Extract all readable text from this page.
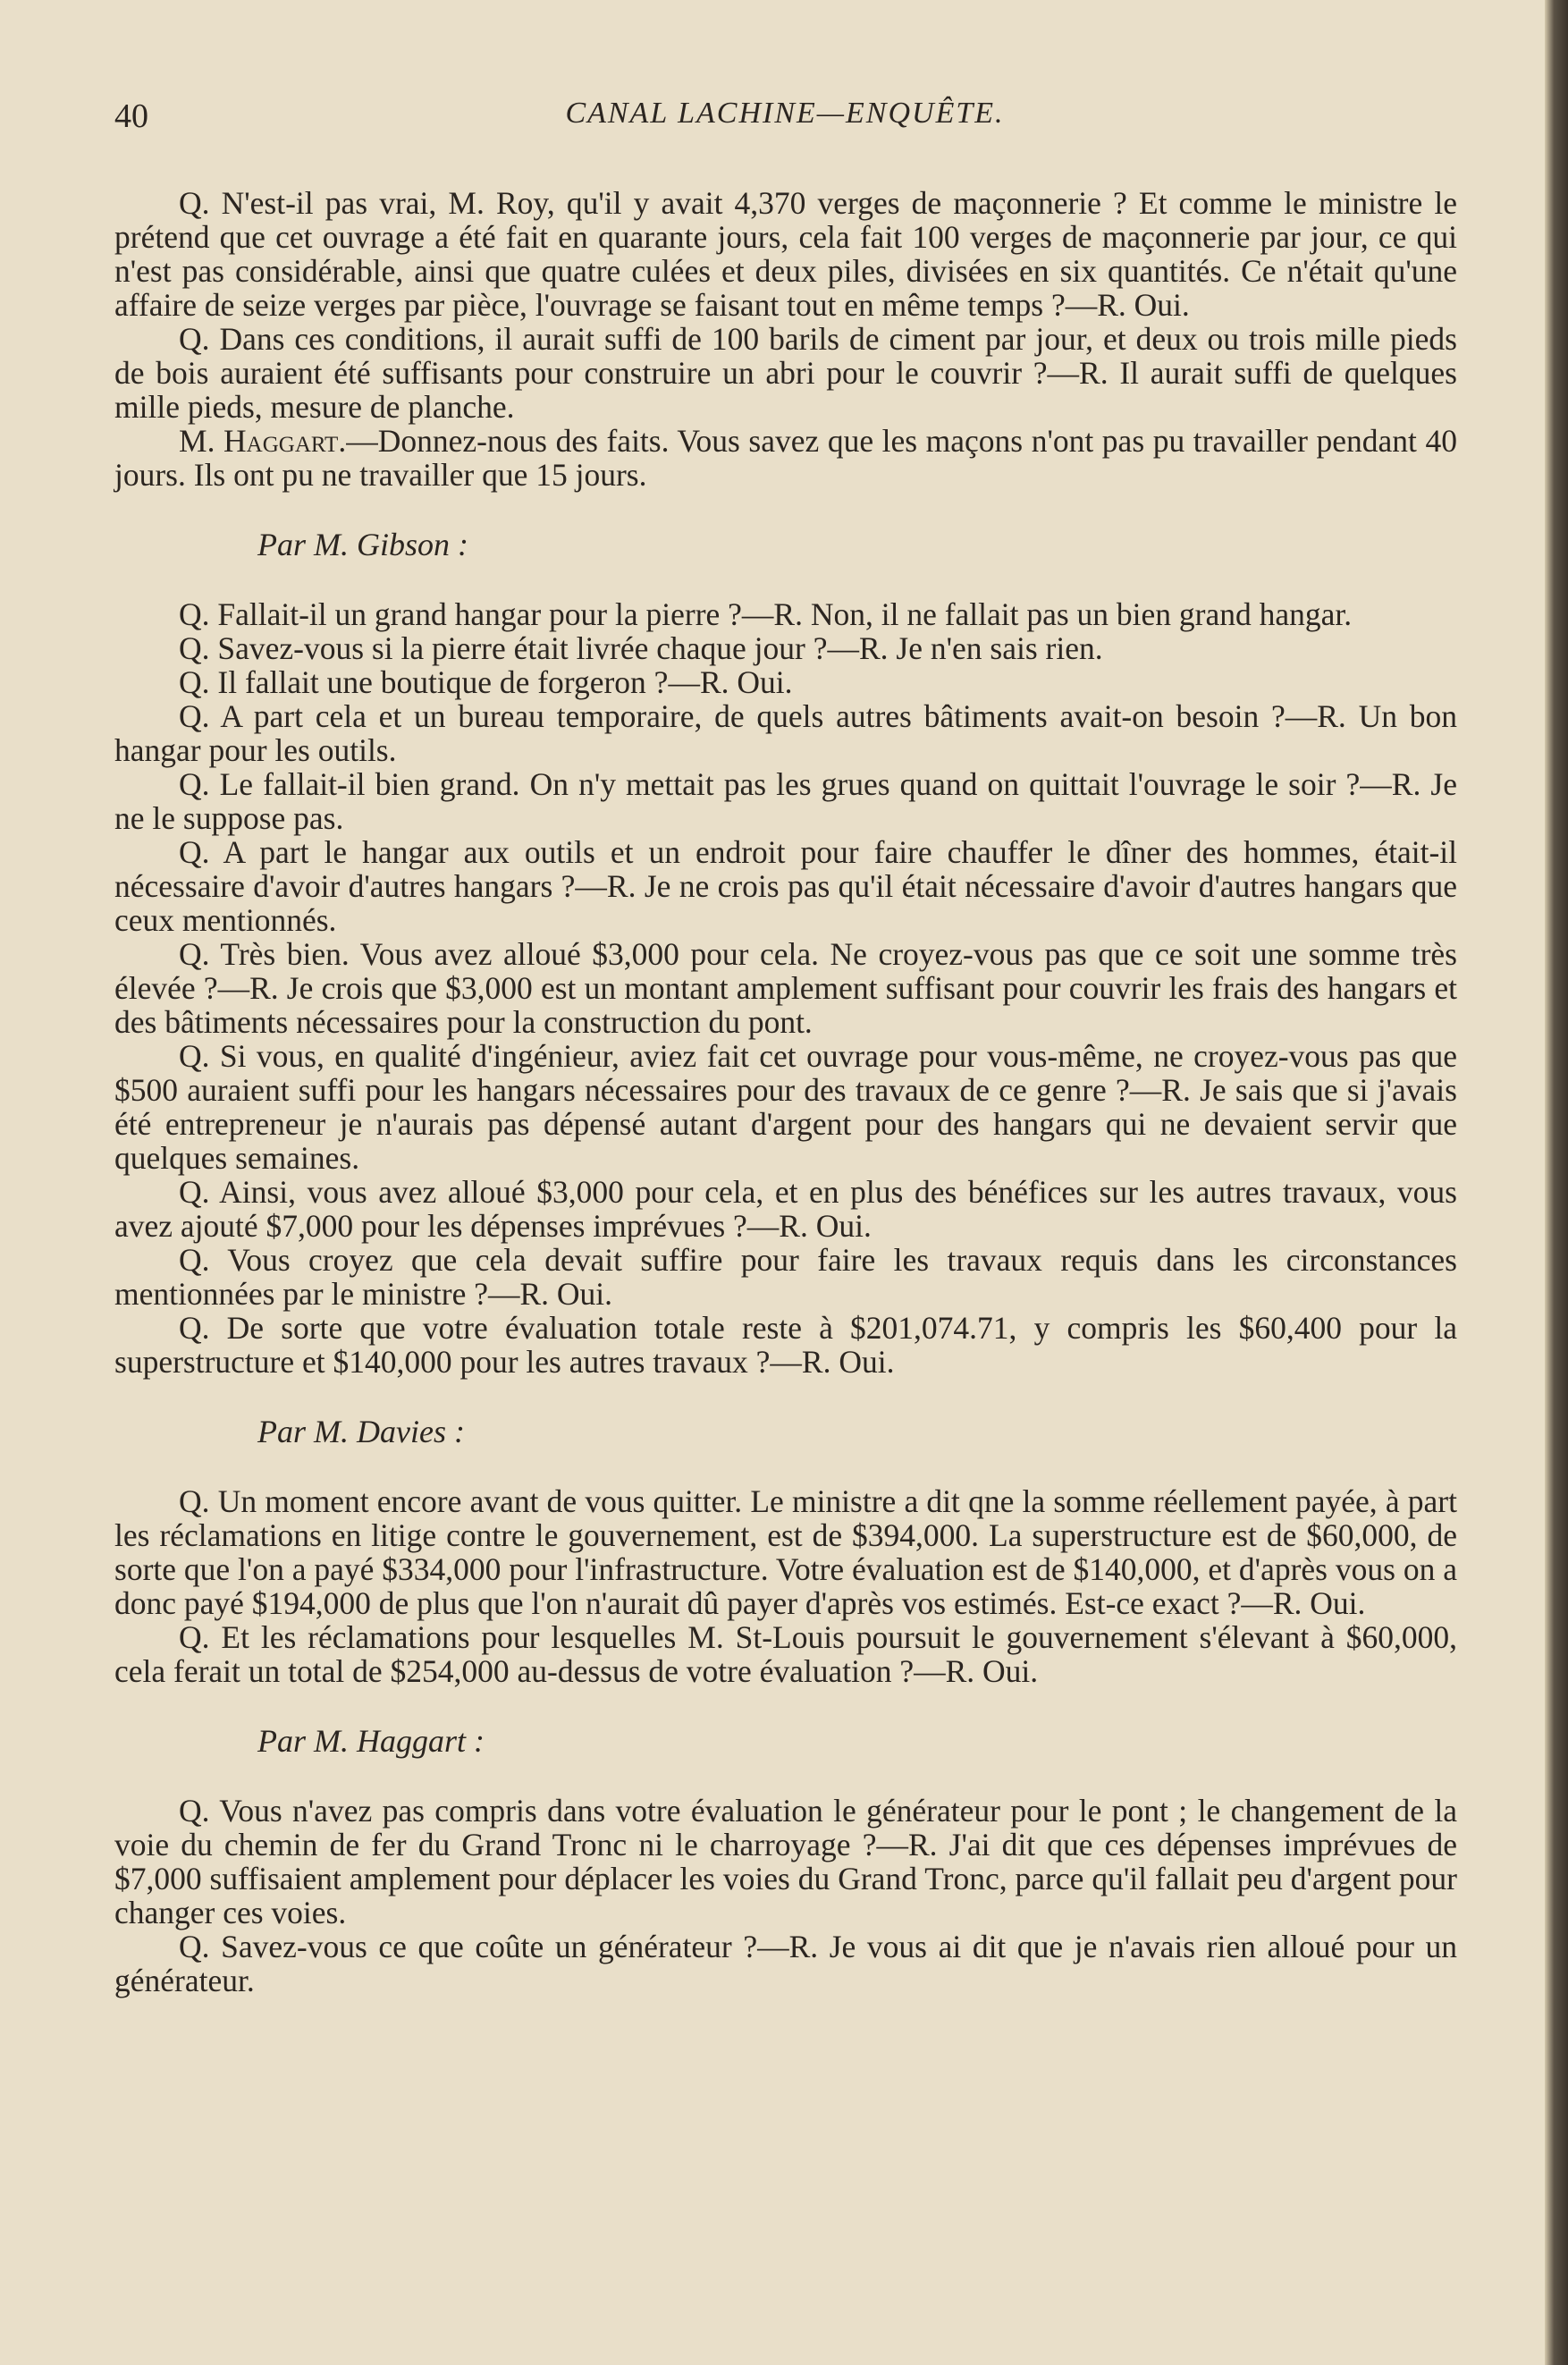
40	CANAL LACHINE—ENQUÊTE.

Q. N'est-il pas vrai, M. Roy, qu'il y avait 4,370 verges de maçonnerie ? Et comme le ministre le prétend que cet ouvrage a été fait en quarante jours, cela fait 100 verges de maçonnerie par jour, ce qui n'est pas considérable, ainsi que quatre culées et deux piles, divisées en six quantités. Ce n'était qu'une affaire de seize verges par pièce, l'ouvrage se faisant tout en même temps ?—R. Oui.

Q. Dans ces conditions, il aurait suffi de 100 barils de ciment par jour, et deux ou trois mille pieds de bois auraient été suffisants pour construire un abri pour le couvrir ?—R. Il aurait suffi de quelques mille pieds, mesure de planche.

M. Haggart.—Donnez-nous des faits. Vous savez que les maçons n'ont pas pu travailler pendant 40 jours. Ils ont pu ne travailler que 15 jours.

Par M. Gibson :

Q. Fallait-il un grand hangar pour la pierre ?—R. Non, il ne fallait pas un bien grand hangar.

Q. Savez-vous si la pierre était livrée chaque jour ?—R. Je n'en sais rien.

Q. Il fallait une boutique de forgeron ?—R. Oui.

Q. A part cela et un bureau temporaire, de quels autres bâtiments avait-on besoin ?—R. Un bon hangar pour les outils.

Q. Le fallait-il bien grand. On n'y mettait pas les grues quand on quittait l'ouvrage le soir ?—R. Je ne le suppose pas.

Q. A part le hangar aux outils et un endroit pour faire chauffer le dîner des hommes, était-il nécessaire d'avoir d'autres hangars ?—R. Je ne crois pas qu'il était nécessaire d'avoir d'autres hangars que ceux mentionnés.

Q. Très bien. Vous avez alloué $3,000 pour cela. Ne croyez-vous pas que ce soit une somme très élevée ?—R. Je crois que $3,000 est un montant amplement suffisant pour couvrir les frais des hangars et des bâtiments nécessaires pour la construction du pont.

Q. Si vous, en qualité d'ingénieur, aviez fait cet ouvrage pour vous-même, ne croyez-vous pas que $500 auraient suffi pour les hangars nécessaires pour des travaux de ce genre ?—R. Je sais que si j'avais été entrepreneur je n'aurais pas dépensé autant d'argent pour des hangars qui ne devaient servir que quelques semaines.

Q. Ainsi, vous avez alloué $3,000 pour cela, et en plus des bénéfices sur les autres travaux, vous avez ajouté $7,000 pour les dépenses imprévues ?—R. Oui.

Q. Vous croyez que cela devait suffire pour faire les travaux requis dans les circonstances mentionnées par le ministre ?—R. Oui.

Q. De sorte que votre évaluation totale reste à $201,074.71, y compris les $60,400 pour la superstructure et $140,000 pour les autres travaux ?—R. Oui.

Par M. Davies :

Q. Un moment encore avant de vous quitter. Le ministre a dit qne la somme réellement payée, à part les réclamations en litige contre le gouvernement, est de $394,000. La superstructure est de $60,000, de sorte que l'on a payé $334,000 pour l'infrastructure. Votre évaluation est de $140,000, et d'après vous on a donc payé $194,000 de plus que l'on n'aurait dû payer d'après vos estimés. Est-ce exact ?—R. Oui.

Q. Et les réclamations pour lesquelles M. St-Louis poursuit le gouvernement s'élevant à $60,000, cela ferait un total de $254,000 au-dessus de votre évaluation ?—R. Oui.

Par M. Haggart :

Q. Vous n'avez pas compris dans votre évaluation le générateur pour le pont ; le changement de la voie du chemin de fer du Grand Tronc ni le charroyage ?—R. J'ai dit que ces dépenses imprévues de $7,000 suffisaient amplement pour déplacer les voies du Grand Tronc, parce qu'il fallait peu d'argent pour changer ces voies.

Q. Savez-vous ce que coûte un générateur ?—R. Je vous ai dit que je n'avais rien alloué pour un générateur.
